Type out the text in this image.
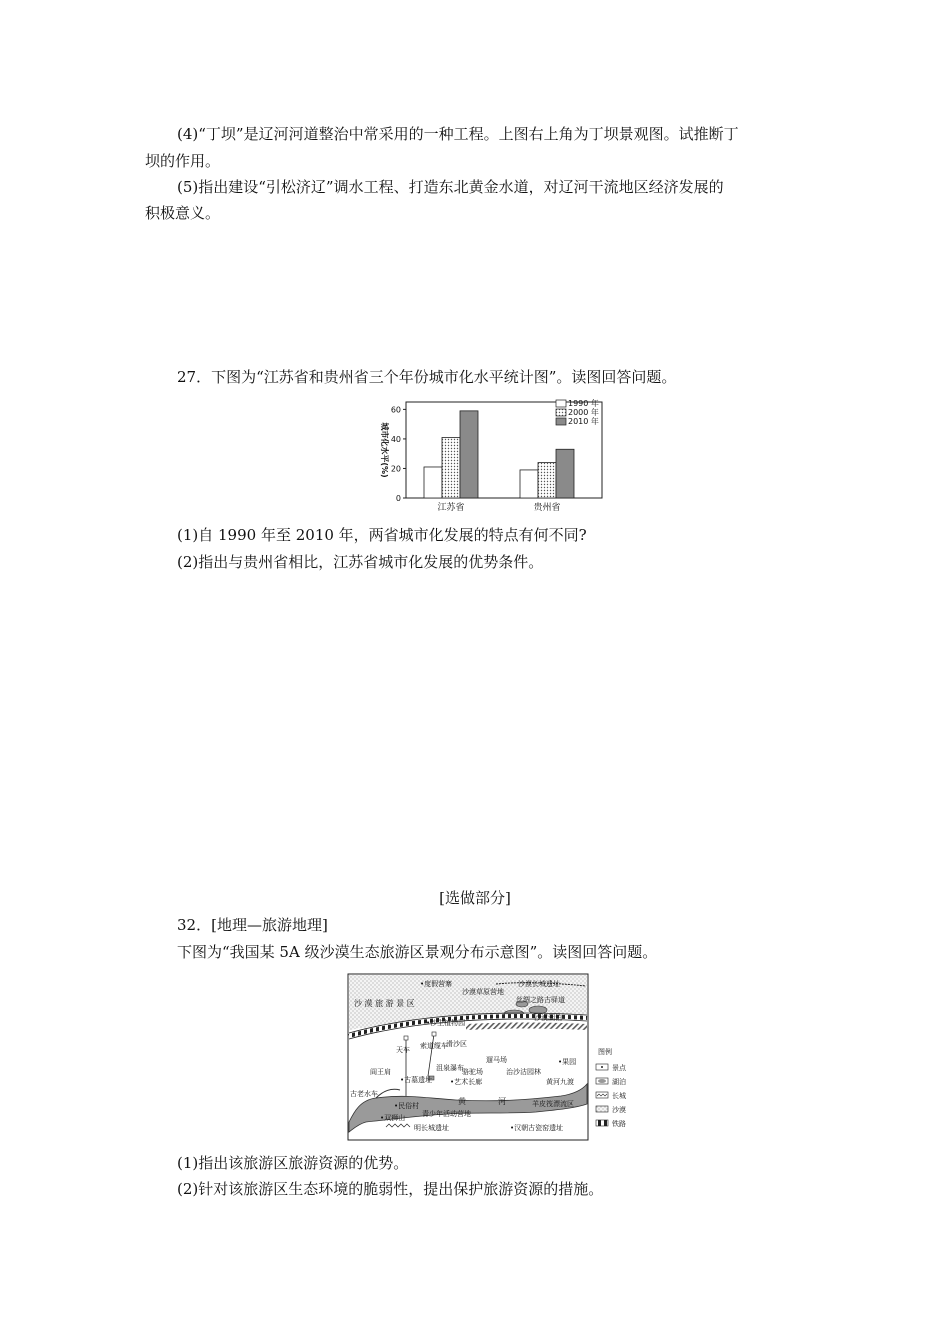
(4)“丁坝”是辽河河道整治中常采用的一种工程。上图右上角为丁坝景观图。试推断丁

坝的作用。

(5)指出建设“引松济辽”调水工程、打造东北黄金水道，对辽河干流地区经济发展的

积极意义。

27．下图为“江苏省和贵州省三个年份城市化水平统计图”。读图回答问题。

城市化水平(%)
0
20
40
60
江苏省	贵州省
1990 年
2000 年
2010 年

(1)自 1990 年至 2010 年，两省城市化发展的特点有何不同?

(2)指出与贵州省相比，江苏省城市化发展的优势条件。

[选做部分]

32．[地理—旅游地理]

下图为“我国某 5A 级沙漠生态旅游区景观分布示意图”。读图回答问题。

•度假营寨
沙漠草原营地
沙漠长城遗址
沙 漠 旅 游 景 区	丝绸之路古驿道
沙漠湖泊
•沙生植物园
天车 索道缆车
滑沙区
沮泉瀑布
遛马场
骆驼场	治沙沽园林
•果园
阎王肩
•古墓遗址	•艺术长廊	黄河九渡
古老水车
•民俗村	黄	河	羊皮筏漂流区
•双狮山 青少年活动营地
明长城遗址	•汉朝古瓷窑遗址
图例
景点
湖泊
长城
沙漠
铁路

(1)指出该旅游区旅游资源的优势。

(2)针对该旅游区生态环境的脆弱性，提出保护旅游资源的措施。
